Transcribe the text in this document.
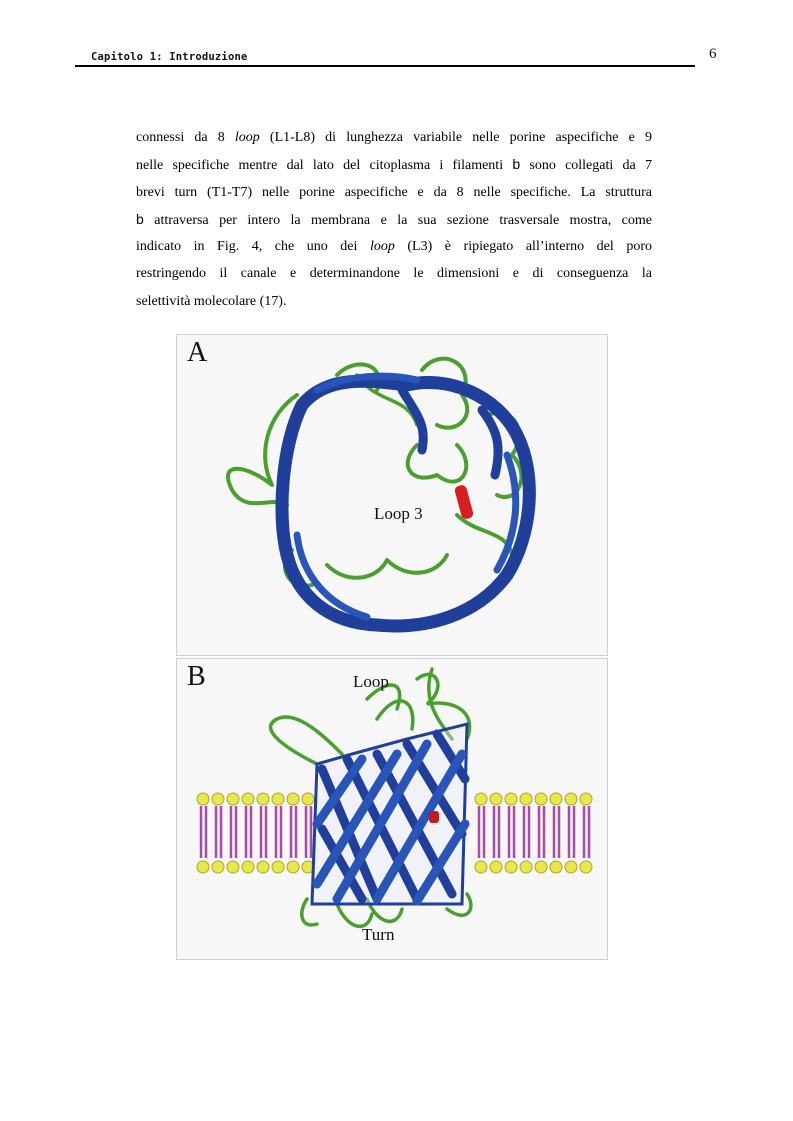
Capitolo 1: Introduzione	6
connessi da 8 loop (L1-L8) di lunghezza variabile nelle porine aspecifiche e 9
nelle specifiche mentre dal lato del citoplasma i filamenti b sono collegati da 7
brevi turn (T1-T7) nelle porine aspecifiche e da 8 nelle specifiche. La struttura
b attraversa per intero la membrana e la sua sezione trasversale mostra, come
indicato in Fig. 4, che uno dei loop (L3) è ripiegato all’interno del poro
restringendo il canale e determinandone le dimensioni e di conseguenza la
selettività molecolare (17).
A
Loop 3
B	Loop
Turn
